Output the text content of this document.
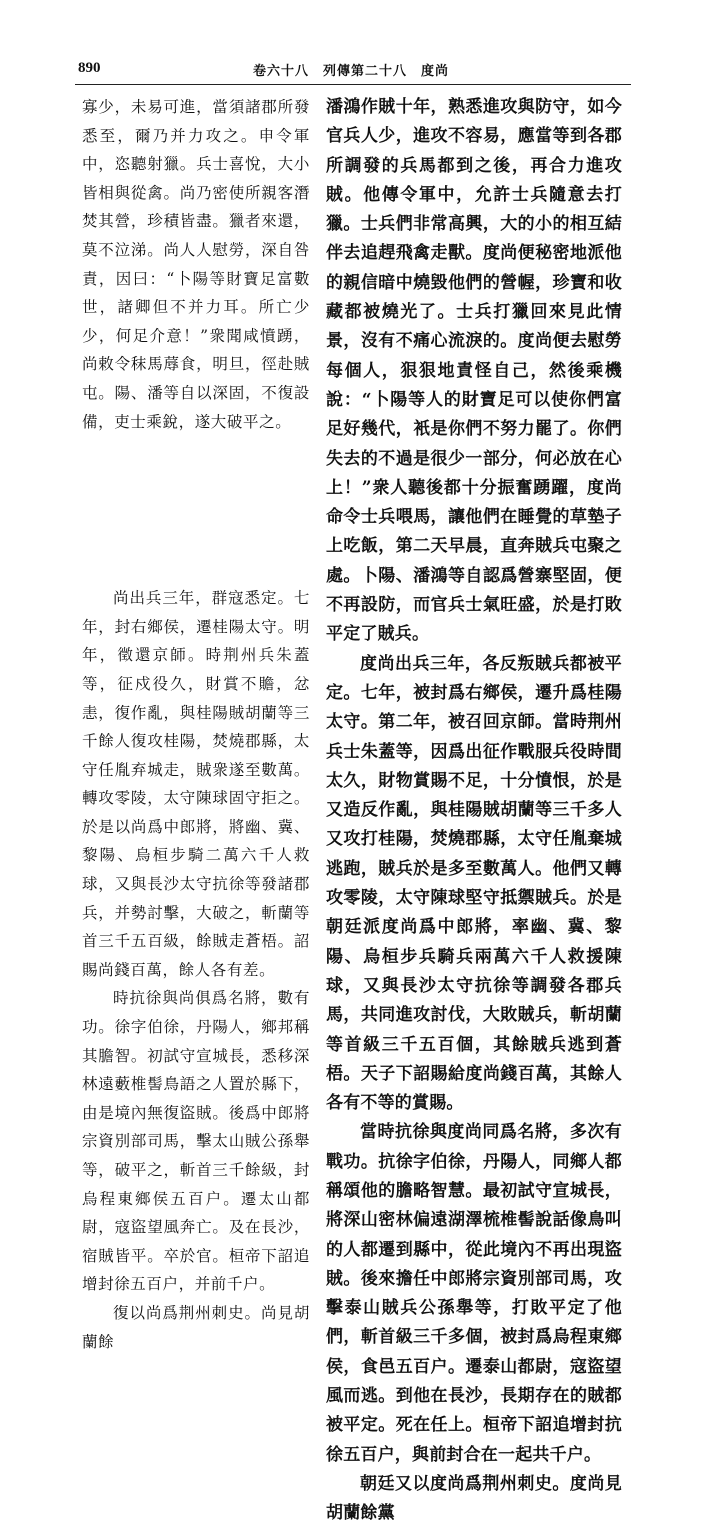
890	卷六十八　列傳第二十八　度尚

寡少，未易可進，當須諸郡所發悉至，爾乃并力攻之。申令軍中，恣聽射獵。兵士喜悅，大小皆相與從禽。尚乃密使所親客潛焚其營，珍積皆盡。獵者來還，莫不泣涕。尚人人慰勞，深自咎責，因曰：“卜陽等財寶足富數世，諸卿但不并力耳。所亡少少，何足介意！”衆聞咸憤踴，尚敕令秣馬蓐食，明旦，徑赴賊屯。陽、潘等自以深固，不復設備，吏士乘銳，遂大破平之。

尚出兵三年，群寇悉定。七年，封右鄉侯，遷桂陽太守。明年，徵還京師。時荆州兵朱蓋等，征戍役久，財賞不贍，忿恚，復作亂，與桂陽賊胡蘭等三千餘人復攻桂陽，焚燒郡縣，太守任胤弃城走，賊衆遂至數萬。轉攻零陵，太守陳球固守拒之。於是以尚爲中郎將，將幽、冀、黎陽、烏桓步騎二萬六千人救球，又與長沙太守抗徐等發諸郡兵，并勢討擊，大破之，斬蘭等首三千五百級，餘賊走蒼梧。詔賜尚錢百萬，餘人各有差。

時抗徐與尚俱爲名將，數有功。徐字伯徐，丹陽人，鄉邦稱其膽智。初試守宣城長，悉移深林遠藪椎髻鳥語之人置於縣下，由是境內無復盜賊。後爲中郎將宗資別部司馬，擊太山賊公孫舉等，破平之，斬首三千餘級，封烏程東鄉侯五百户。遷太山都尉，寇盜望風奔亡。及在長沙，宿賊皆平。卒於官。桓帝下詔追增封徐五百户，并前千户。

復以尚爲荆州刺史。尚見胡蘭餘

潘鴻作賊十年，熟悉進攻與防守，如今官兵人少，進攻不容易，應當等到各郡所調發的兵馬都到之後，再合力進攻賊。他傳令軍中，允許士兵隨意去打獵。士兵們非常高興，大的小的相互結伴去追趕飛禽走獸。度尚便秘密地派他的親信暗中燒毀他們的營幄，珍寶和收藏都被燒光了。士兵打獵回來見此情景，沒有不痛心流淚的。度尚便去慰勞每個人，狠狠地責怪自己，然後乘機說：“卜陽等人的財寶足可以使你們富足好幾代，衹是你們不努力罷了。你們失去的不過是很少一部分，何必放在心上！”衆人聽後都十分振奮踴躍，度尚命令士兵喂馬，讓他們在睡覺的草墊子上吃飯，第二天早晨，直奔賊兵屯聚之處。卜陽、潘鴻等自認爲營寨堅固，便不再設防，而官兵士氣旺盛，於是打敗平定了賊兵。

度尚出兵三年，各反叛賊兵都被平定。七年，被封爲右鄉侯，遷升爲桂陽太守。第二年，被召回京師。當時荆州兵士朱蓋等，因爲出征作戰服兵役時間太久，財物賞賜不足，十分憤恨，於是又造反作亂，與桂陽賊胡蘭等三千多人又攻打桂陽，焚燒郡縣，太守任胤棄城逃跑，賊兵於是多至數萬人。他們又轉攻零陵，太守陳球堅守抵禦賊兵。於是朝廷派度尚爲中郎將，率幽、冀、黎陽、烏桓步兵騎兵兩萬六千人救援陳球，又與長沙太守抗徐等調發各郡兵馬，共同進攻討伐，大敗賊兵，斬胡蘭等首級三千五百個，其餘賊兵逃到蒼梧。天子下詔賜給度尚錢百萬，其餘人各有不等的賞賜。

當時抗徐與度尚同爲名將，多次有戰功。抗徐字伯徐，丹陽人，同鄉人都稱頌他的膽略智慧。最初試守宣城長，將深山密林偏遠湖澤梳椎髻說話像鳥叫的人都遷到縣中，從此境內不再出現盜賊。後來擔任中郎將宗資別部司馬，攻擊泰山賊兵公孫舉等，打敗平定了他們，斬首級三千多個，被封爲烏程東鄉侯，食邑五百户。遷泰山都尉，寇盜望風而逃。到他在長沙，長期存在的賊都被平定。死在任上。桓帝下詔追增封抗徐五百户，與前封合在一起共千户。

朝廷又以度尚爲荆州刺史。度尚見胡蘭餘黨
